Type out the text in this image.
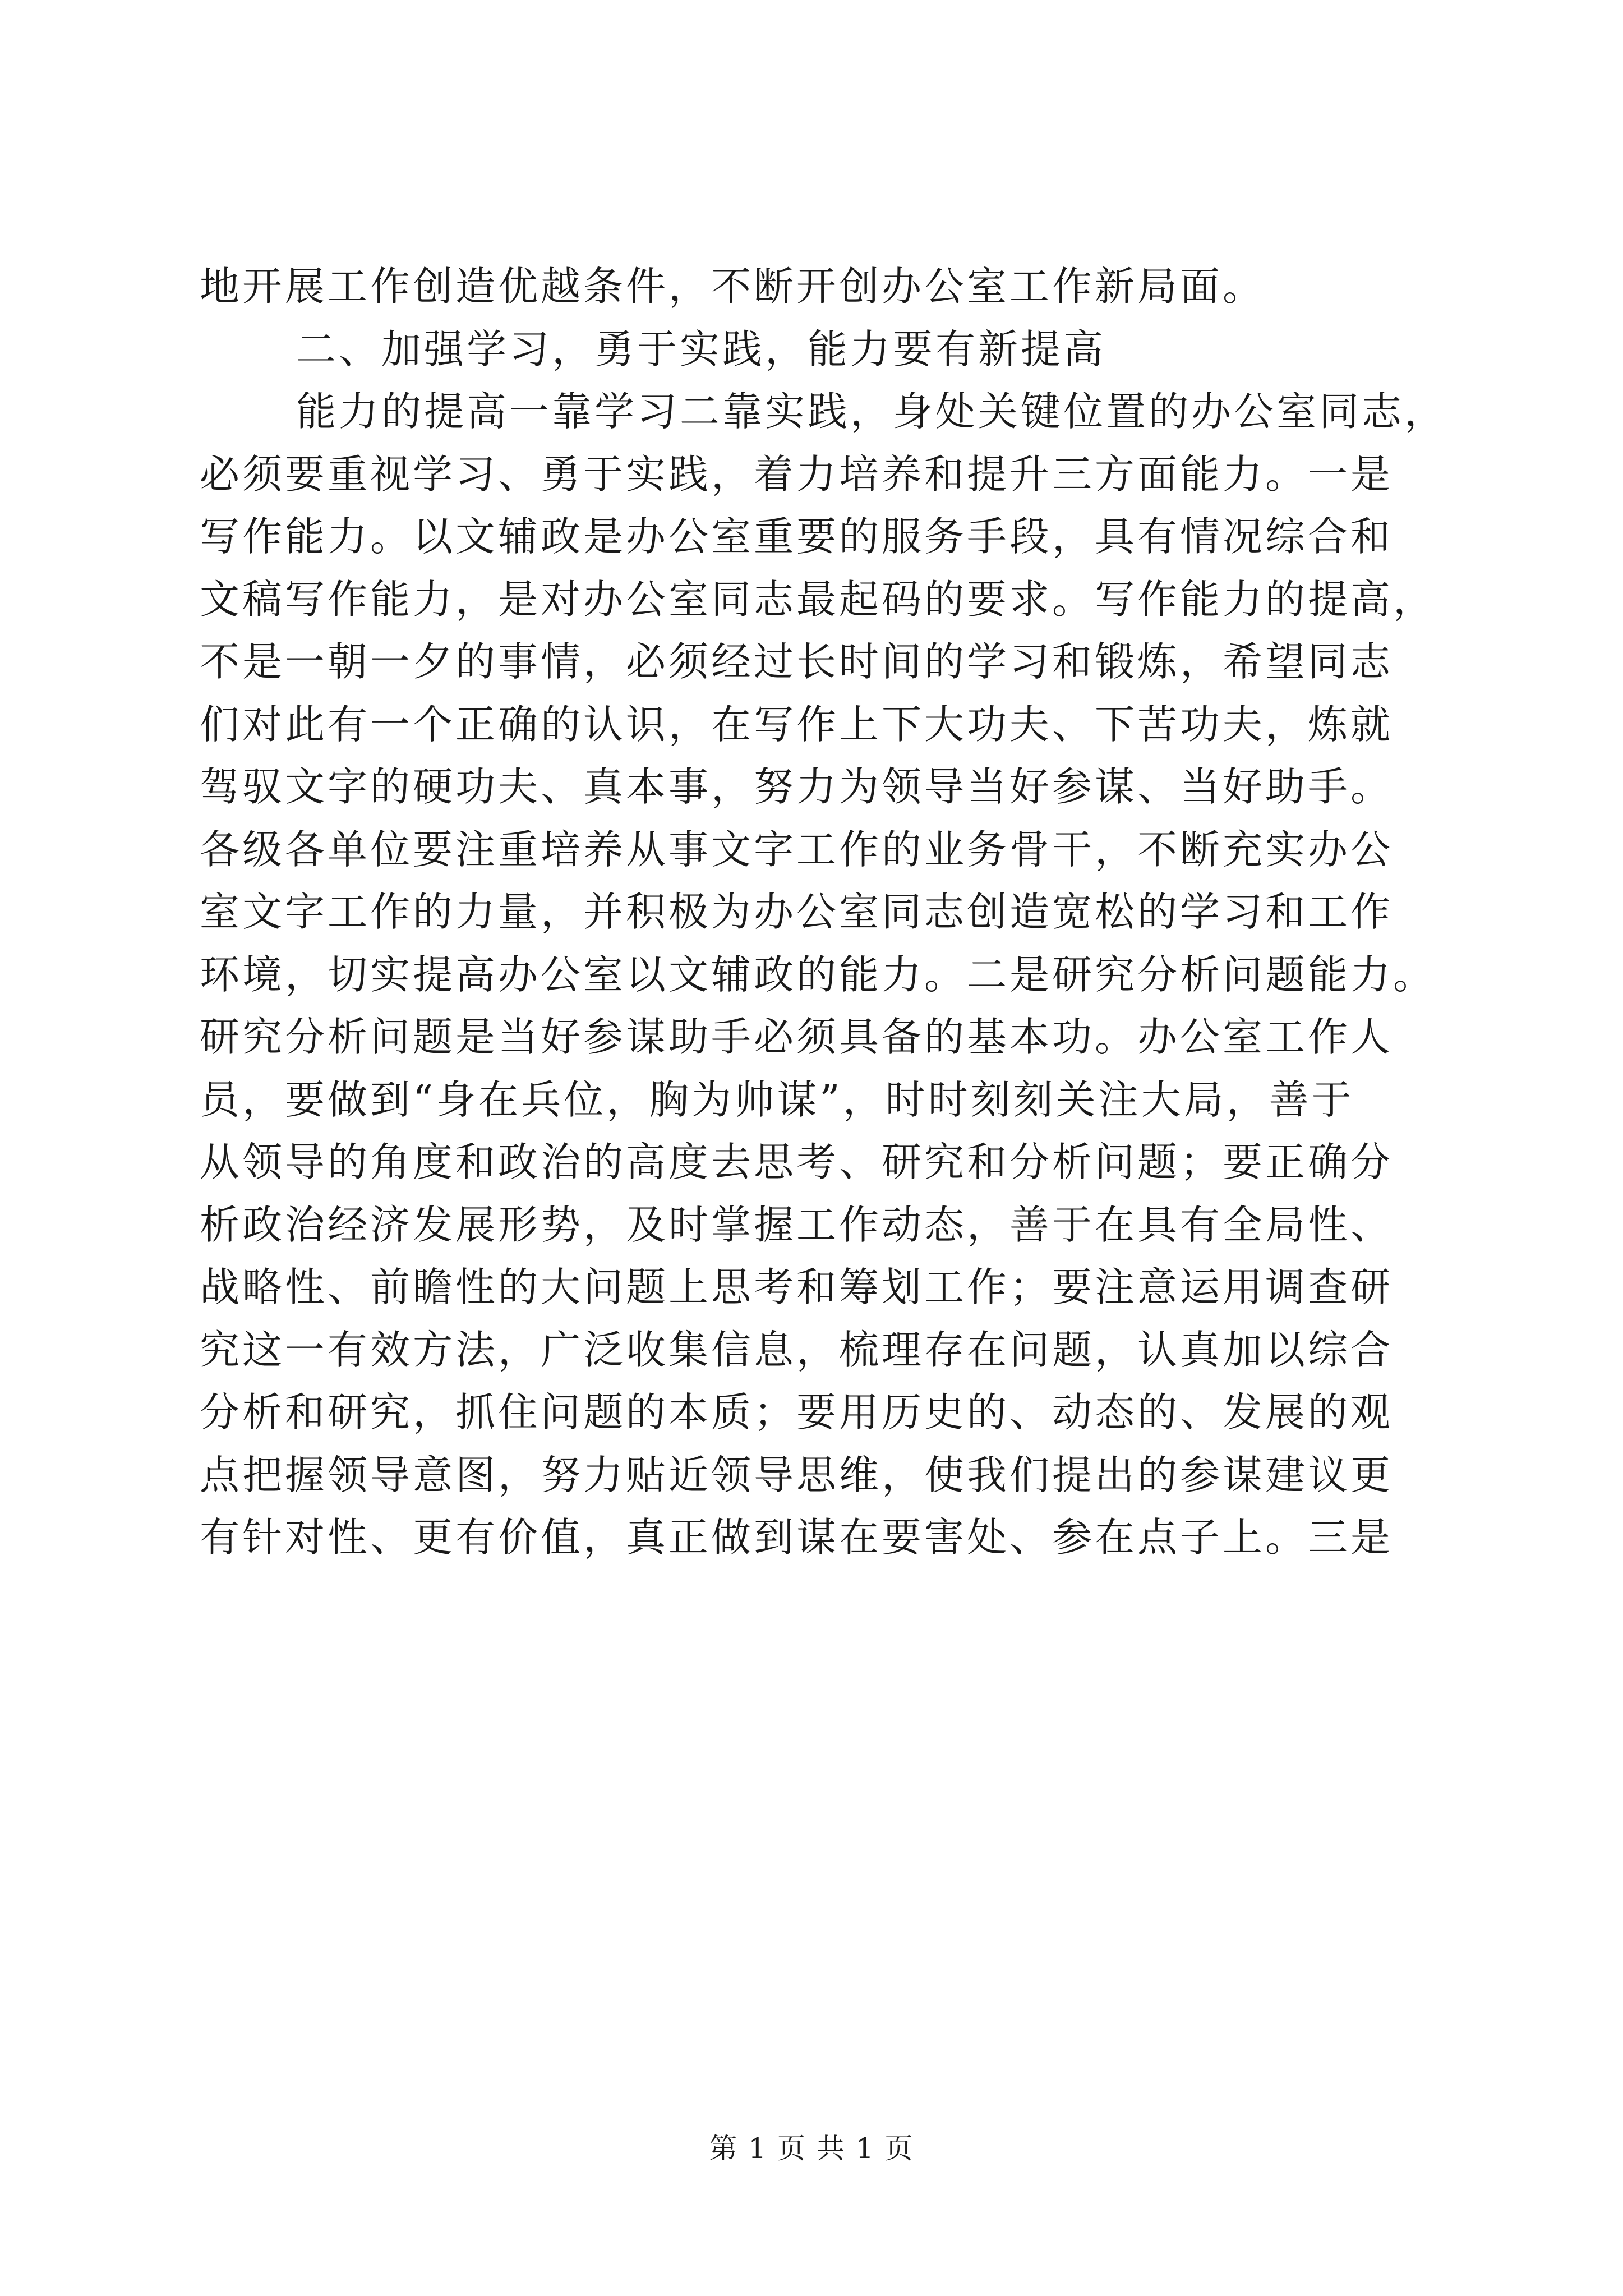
地开展工作创造优越条件，不断开创办公室工作新局面。
二、加强学习，勇于实践，能力要有新提高
能力的提高一靠学习二靠实践，身处关键位置的办公室同志，
必须要重视学习、勇于实践，着力培养和提升三方面能力。一是
写作能力。以文辅政是办公室重要的服务手段，具有情况综合和
文稿写作能力，是对办公室同志最起码的要求。写作能力的提高，
不是一朝一夕的事情，必须经过长时间的学习和锻炼，希望同志
们对此有一个正确的认识，在写作上下大功夫、下苦功夫，炼就
驾驭文字的硬功夫、真本事，努力为领导当好参谋、当好助手。
各级各单位要注重培养从事文字工作的业务骨干，不断充实办公
室文字工作的力量，并积极为办公室同志创造宽松的学习和工作
环境，切实提高办公室以文辅政的能力。二是研究分析问题能力。
研究分析问题是当好参谋助手必须具备的基本功。办公室工作人
员，要做到“身在兵位，胸为帅谋”，时时刻刻关注大局，善于
从领导的角度和政治的高度去思考、研究和分析问题；要正确分
析政治经济发展形势，及时掌握工作动态，善于在具有全局性、
战略性、前瞻性的大问题上思考和筹划工作；要注意运用调查研
究这一有效方法，广泛收集信息，梳理存在问题，认真加以综合
分析和研究，抓住问题的本质；要用历史的、动态的、发展的观
点把握领导意图，努力贴近领导思维，使我们提出的参谋建议更
有针对性、更有价值，真正做到谋在要害处、参在点子上。三是
第 1 页 共 1 页
